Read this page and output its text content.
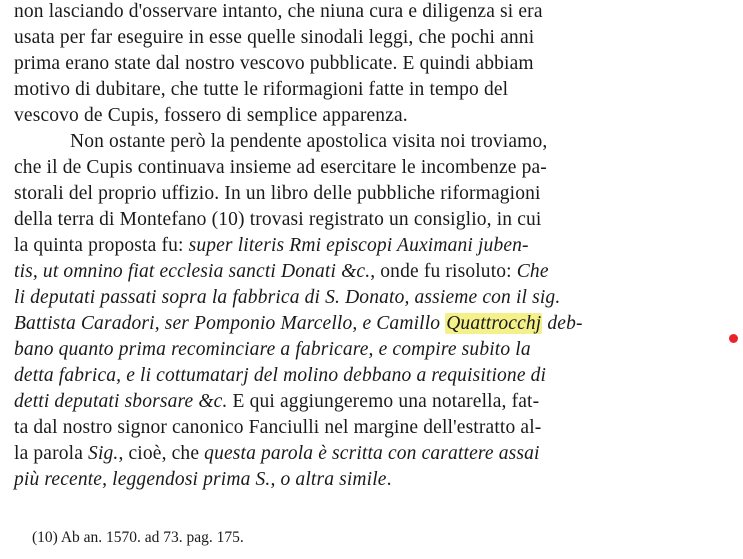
non lasciando d'osservare intanto, che niuna cura e diligenza si era
usata per far eseguire in esse quelle sinodali leggi, che pochi anni
prima erano state dal nostro vescovo pubblicate. E quindi abbiam
motivo di dubitare, che tutte le riformagioni fatte in tempo del
vescovo de Cupis, fossero di semplice apparenza.
Non ostante però la pendente apostolica visita noi troviamo,
che il de Cupis continuava insieme ad esercitare le incombenze pa-
storali del proprio uffizio. In un libro delle pubbliche riformagioni
della terra di Montefano (10) trovasi registrato un consiglio, in cui
la quinta proposta fu: super literis Rmi episcopi Auximani juben-
tis, ut omnino fiat ecclesia sancti Donati &c., onde fu risoluto: Che
li deputati passati sopra la fabbrica di S. Donato, assieme con il sig.
Battista Caradori, ser Pomponio Marcello, e Camillo Quattrocchj deb-
bano quanto prima recominciare a fabricare, e compire subito la
detta fabrica, e li cottumatarj del molino debbano a requisitione di
detti deputati sborsare &c. E qui aggiungeremo una notarella, fat-
ta dal nostro signor canonico Fanciulli nel margine dell'estratto al-
la parola Sig., cioè, che questa parola è scritta con carattere assai
più recente, leggendosi prima S., o altra simile.
(10) Ab an. 1570. ad 73. pag. 175.
